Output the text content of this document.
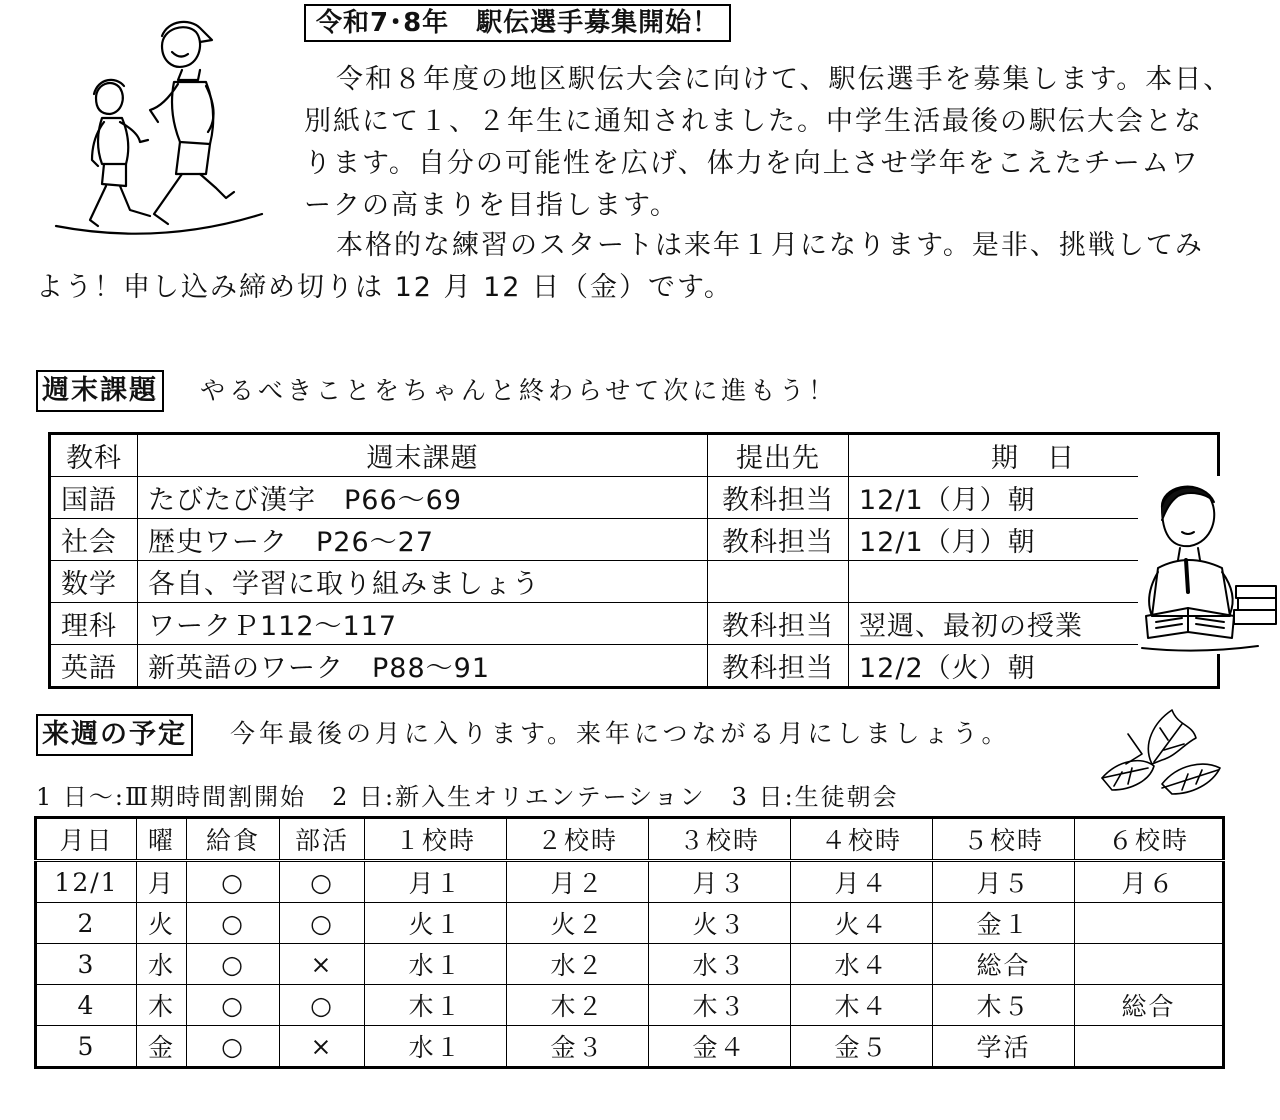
令和7･8年　駅伝選手募集開始！
令和８年度の地区駅伝大会に向けて、駅伝選手を募集します。本日、
別紙にて１、２年生に通知されました。中学生活最後の駅伝大会とな
ります。自分の可能性を広げ、体力を向上させ学年をこえたチームワ
ークの高まりを目指します。
本格的な練習のスタートは来年１月になります。是非、挑戦してみ
よう！申し込み締め切りは 12 月 12 日（金）です。
週末課題 やるべきことをちゃんと終わらせて次に進もう！
教科	週末課題	提出先	期　日
国語	たびたび漢字　P66～69	教科担当	12/1（月）朝
社会	歴史ワーク　P26～27	教科担当	12/1（月）朝
数学	各自、学習に取り組みましょう		
理科	ワークＰ112～117	教科担当	翌週、最初の授業
英語	新英語のワーク　P88～91	教科担当	12/2（火）朝
来週の予定 今年最後の月に入ります。来年につながる月にしましょう。
1 日～:Ⅲ期時間割開始　2 日:新入生オリエンテーション　3 日:生徒朝会
月日	曜	給食	部活	１校時	２校時	３校時	４校時	５校時	６校時
12/1	月	○	○	月１	月２	月３	月４	月５	月６
2	火	○	○	火１	火２	火３	火４	金１	
3	水	○	×	水１	水２	水３	水４	総合	
4	木	○	○	木１	木２	木３	木４	木５	総合
5	金	○	×	水１	金３	金４	金５	学活	
